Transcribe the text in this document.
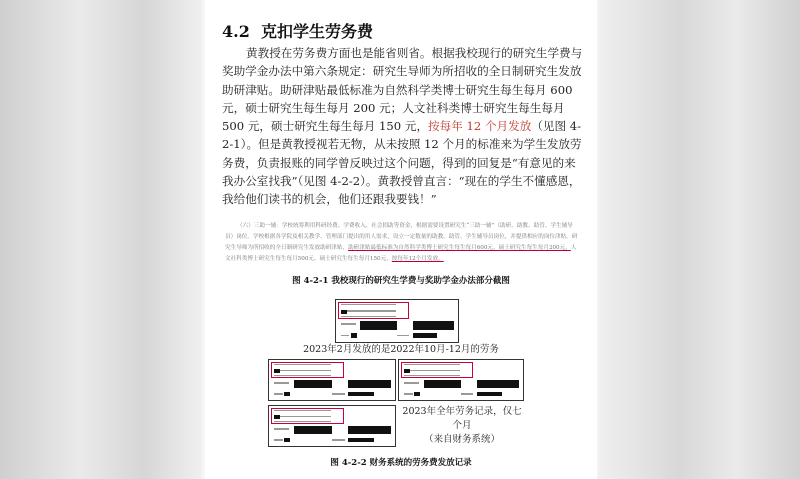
4.2 克扣学生劳务费
黄教授在劳务费方面也是能省则省。根据我校现行的研究生学费与奖助学金办法中第六条规定：研究生导师为所招收的全日制研究生发放助研津贴。助研津贴最低标准为自然科学类博士研究生每生每月 600 元，硕士研究生每生每月 200 元；人文社科类博士研究生每生每月 500 元，硕士研究生每生每月 150 元，按每年 12 个月发放（见图 4-2-1）。但是黄教授视若无物，从未按照 12 个月的标准来为学生发放劳务费，负责报账的同学曾反映过这个问题，得到的回复是“有意见的来我办公室找我”（见图 4-2-2）。黄教授曾直言：“现在的学生不懂感恩，我给他们读书的机会，他们还跟我要钱！”
（六）三助一辅：学校统筹利用科研经费、学费收入、社会捐助等资金，根据需要设置研究生“三助一辅”（助研、助教、助管、学生辅导员）岗位。学校根据各学院及相关教学、管理部门提出的用人需求，设立一定数量的助教、助管、学生辅导员岗位，并提供相应的岗位津贴。研究生导师为所招收的全日制研究生发放助研津贴，助研津贴最低标准为自然科学类博士研究生每生每月600元、硕士研究生每生每月200元，人文社科类博士研究生每生每月500元、硕士研究生每生每月150元，按每年12个月发放。
图 4-2-1 我校现行的研究生学费与奖助学金办法部分截图
2023年2月发放的是2022年10月-12月的劳务
2023年全年劳务记录，仅七个月
（来自财务系统）
图 4-2-2 财务系统的劳务费发放记录
